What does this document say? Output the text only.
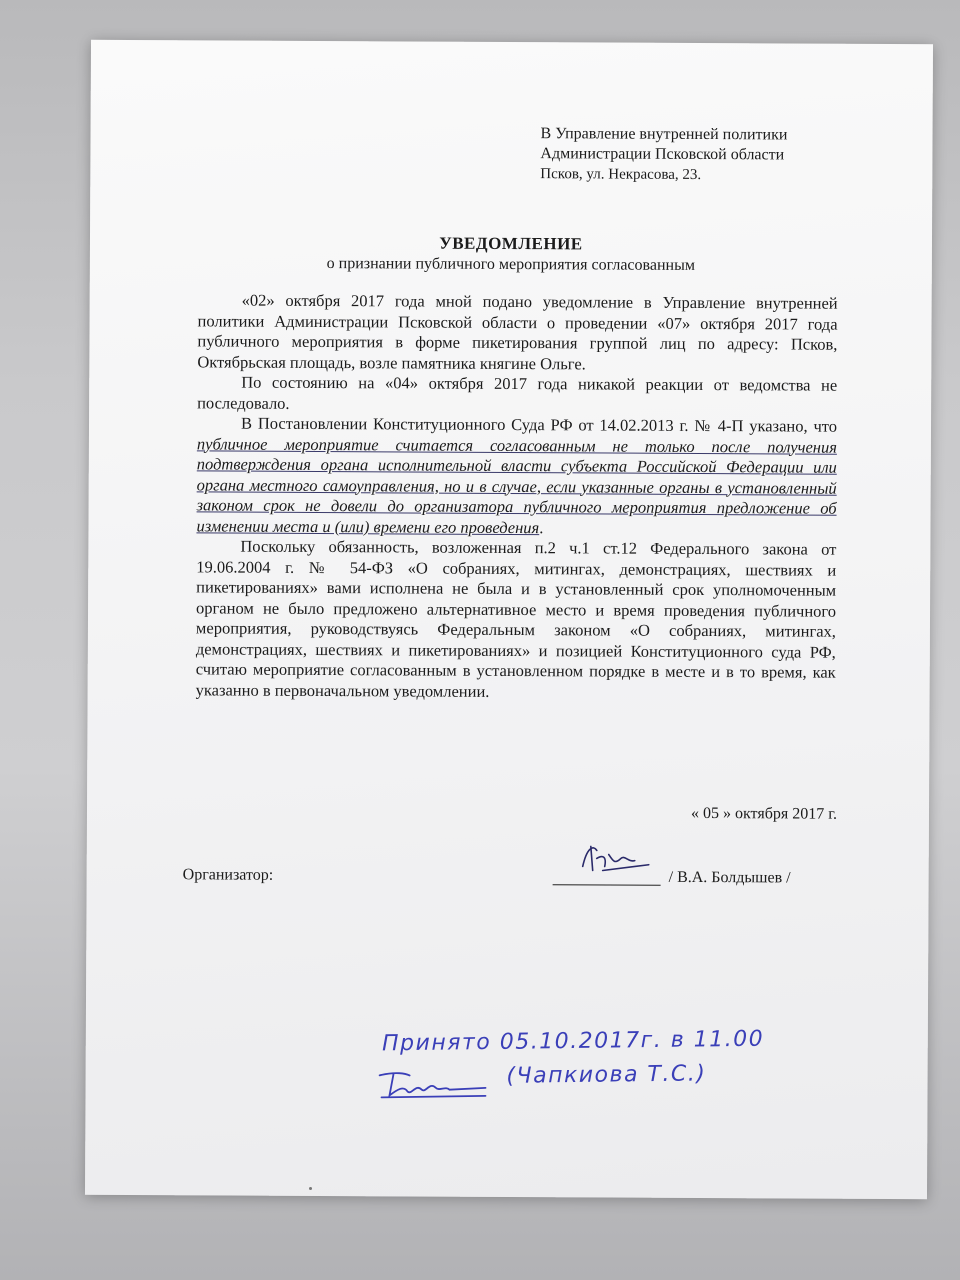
В Управление внутренней политики
Администрации Псковской области
Псков, ул. Некрасова, 23.
УВЕДОМЛЕНИЕ
о признании публичного мероприятия согласованным

«02» октября 2017 года мной подано уведомление в Управление внутренней политики Администрации Псковской области о проведении «07» октября 2017 года публичного мероприятия в форме пикетирования группой лиц по адресу: Псков, Октябрьская площадь, возле памятника княгине Ольге.

По состоянию на «04» октября 2017 года никакой реакции от ведомства не последовало.

В Постановлении Конституционного Суда РФ от 14.02.2013 г. № 4-П указано, что публичное мероприятие считается согласованным не только после получения подтверждения органа исполнительной власти субъекта Российской Федерации или органа местного самоуправления, но и в случае, если указанные органы в установленный законом срок не довели до организатора публичного мероприятия предложение об изменении места и (или) времени его проведения.

Поскольку обязанность, возложенная п.2 ч.1 ст.12 Федерального закона от 19.06.2004 г. № 54-ФЗ «О собраниях, митингах, демонстрациях, шествиях и пикетированиях» вами исполнена не была и в установленный срок уполномоченным органом не было предложено альтернативное место и время проведения публичного мероприятия, руководствуясь Федеральным законом «О собраниях, митингах, демонстрациях, шествиях и пикетированиях» и позицией Конституционного суда РФ, считаю мероприятие согласованным в установленном порядке в месте и в то время, как указанно в первоначальном уведомлении.

« 05 » октября 2017 г.
Организатор:	/ В.А. Болдышев /
Принято 05.10.2017г. в 11.00
(Чапкиова Т.С.)
